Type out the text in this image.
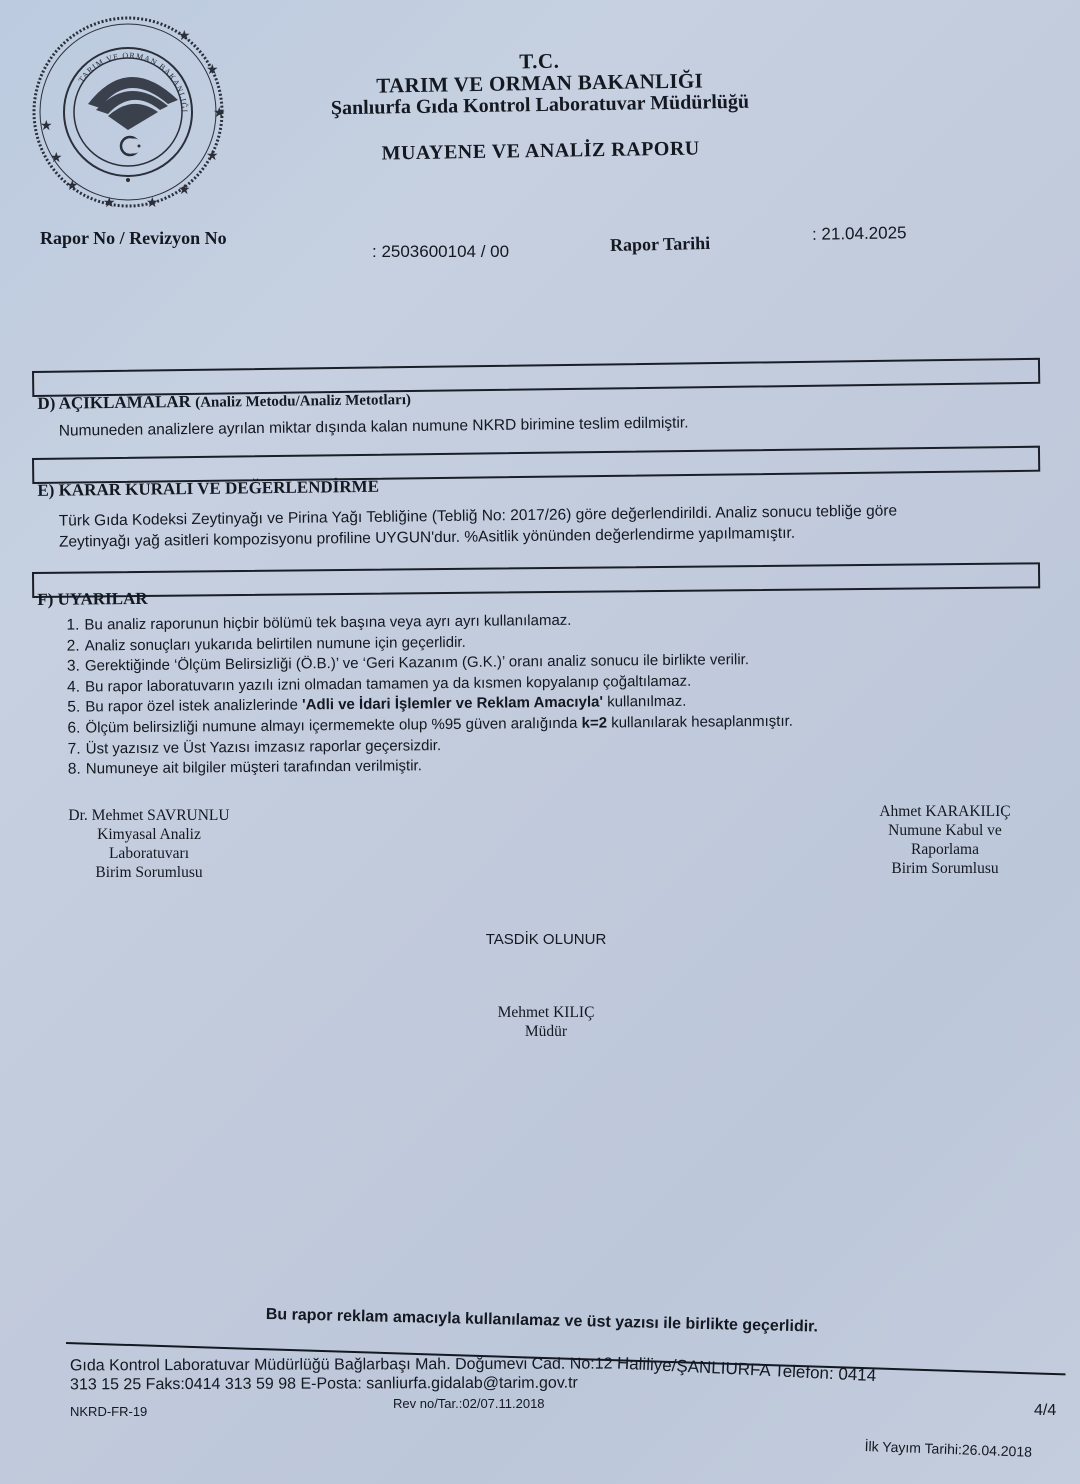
★
★
★
★
★
★
★
★
★
★
TARIM VE ORMAN BAKANLIĞI
T.C.
TARIM VE ORMAN BAKANLIĞI
Şanlıurfa Gıda Kontrol Laboratuvar Müdürlüğü
MUAYENE VE ANALİZ RAPORU
Rapor No / Revizyon No
: 2503600104 / 00	Rapor Tarihi	: 21.04.2025
D) AÇIKLAMALAR (Analiz Metodu/Analiz Metotları)
Numuneden analizlere ayrılan miktar dışında kalan numune NKRD birimine teslim edilmiştir.
E) KARAR KURALI VE DEĞERLENDİRME
Türk Gıda Kodeksi Zeytinyağı ve Pirina Yağı Tebliğine (Tebliğ No: 2017/26) göre değerlendirildi. Analiz sonucu tebliğe göre
Zeytinyağı yağ asitleri kompozisyonu profiline UYGUN'dur. %Asitlik yönünden değerlendirme yapılmamıştır.
F) UYARILAR
1. Bu analiz raporunun hiçbir bölümü tek başına veya ayrı ayrı kullanılamaz.
2. Analiz sonuçları yukarıda belirtilen numune için geçerlidir.
3. Gerektiğinde ‘Ölçüm Belirsizliği (Ö.B.)’ ve ‘Geri Kazanım (G.K.)’ oranı analiz sonucu ile birlikte verilir.
4. Bu rapor laboratuvarın yazılı izni olmadan tamamen ya da kısmen kopyalanıp çoğaltılamaz.
5. Bu rapor özel istek analizlerinde 'Adli ve İdari İşlemler ve Reklam Amacıyla' kullanılmaz.
6. Ölçüm belirsizliği numune almayı içermemekte olup %95 güven aralığında k=2 kullanılarak hesaplanmıştır.
7. Üst yazısız ve Üst Yazısı imzasız raporlar geçersizdir.
8. Numuneye ait bilgiler müşteri tarafından verilmiştir.
Dr. Mehmet SAVRUNLU
Kimyasal Analiz
Laboratuvarı
Birim Sorumlusu
Ahmet KARAKILIÇ
Numune Kabul ve
Raporlama
Birim Sorumlusu
TASDİK OLUNUR
Mehmet KILIÇ
Müdür
Bu rapor reklam amacıyla kullanılamaz ve üst yazısı ile birlikte geçerlidir.
Gıda Kontrol Laboratuvar Müdürlüğü Bağlarbaşı Mah. Doğumevi Cad. No:12 Haliliye/ŞANLIURFA Telefon: 0414
313 15 25 Faks:0414 313 59 98 E-Posta: sanliurfa.gidalab@tarim.gov.tr
NKRD-FR-19
Rev no/Tar.:02/07.11.2018	4/4
İlk Yayım Tarihi:26.04.2018
